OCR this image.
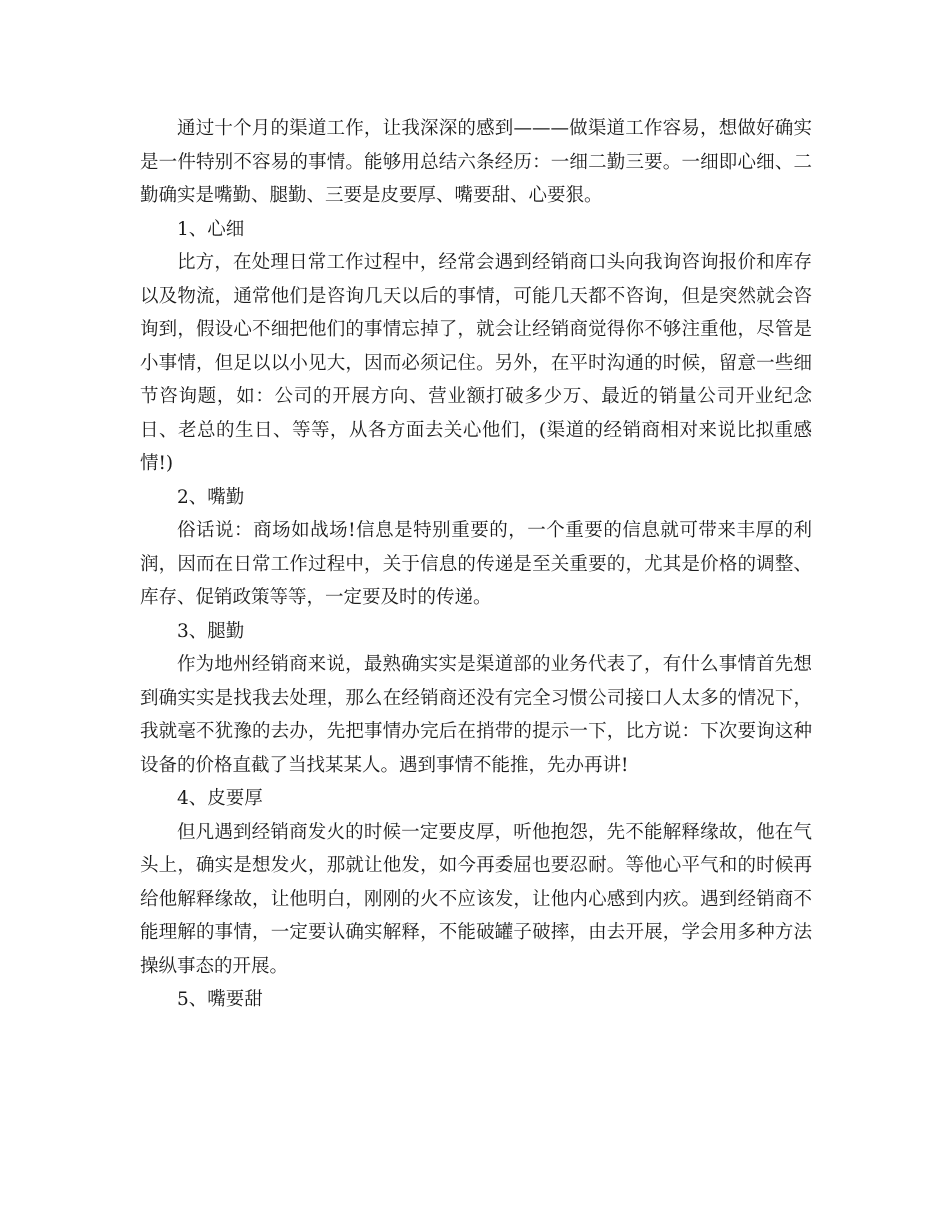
通过十个月的渠道工作，让我深深的感到———做渠道工作容易，想做好确实是一件特别不容易的事情。能够用总结六条经历：一细二勤三要。一细即心细、二勤确实是嘴勤、腿勤、三要是皮要厚、嘴要甜、心要狠。

1、心细

比方，在处理日常工作过程中，经常会遇到经销商口头向我询咨询报价和库存以及物流，通常他们是咨询几天以后的事情，可能几天都不咨询，但是突然就会咨询到，假设心不细把他们的事情忘掉了，就会让经销商觉得你不够注重他，尽管是小事情，但足以以小见大，因而必须记住。另外，在平时沟通的时候，留意一些细节咨询题，如：公司的开展方向、营业额打破多少万、最近的销量公司开业纪念日、老总的生日、等等，从各方面去关心他们，(渠道的经销商相对来说比拟重感情!)

2、嘴勤

俗话说：商场如战场!信息是特别重要的，一个重要的信息就可带来丰厚的利润，因而在日常工作过程中，关于信息的传递是至关重要的，尤其是价格的调整、库存、促销政策等等，一定要及时的传递。

3、腿勤

作为地州经销商来说，最熟确实实是渠道部的业务代表了，有什么事情首先想到确实实是找我去处理，那么在经销商还没有完全习惯公司接口人太多的情况下，我就毫不犹豫的去办，先把事情办完后在捎带的提示一下，比方说：下次要询这种设备的价格直截了当找某某人。遇到事情不能推，先办再讲!

4、皮要厚

但凡遇到经销商发火的时候一定要皮厚，听他抱怨，先不能解释缘故，他在气头上，确实是想发火，那就让他发，如今再委屈也要忍耐。等他心平气和的时候再给他解释缘故，让他明白，刚刚的火不应该发，让他内心感到内疚。遇到经销商不能理解的事情，一定要认确实解释，不能破罐子破摔，由去开展，学会用多种方法操纵事态的开展。

5、嘴要甜
